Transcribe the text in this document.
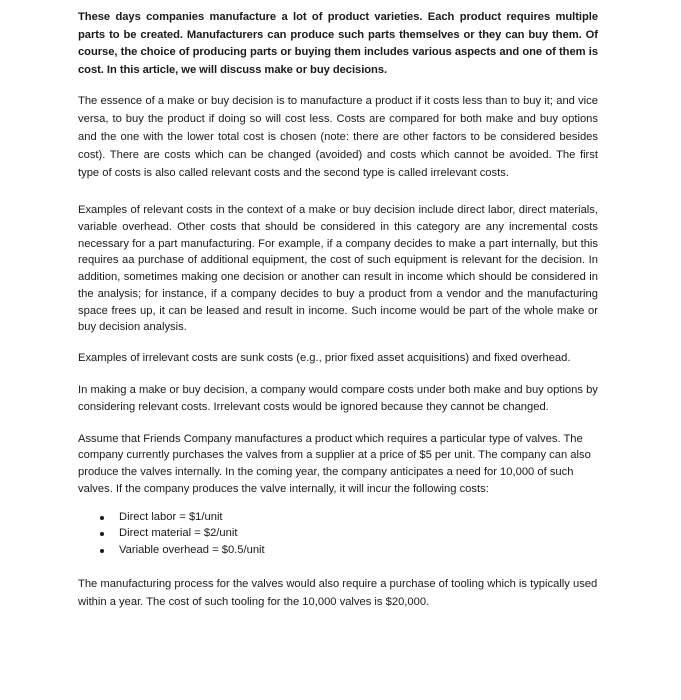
These days companies manufacture a lot of product varieties. Each product requires multiple parts to be created. Manufacturers can produce such parts themselves or they can buy them. Of course, the choice of producing parts or buying them includes various aspects and one of them is cost. In this article, we will discuss make or buy decisions.

The essence of a make or buy decision is to manufacture a product if it costs less than to buy it; and vice versa, to buy the product if doing so will cost less. Costs are compared for both make and buy options and the one with the lower total cost is chosen (note: there are other factors to be considered besides cost). There are costs which can be changed (avoided) and costs which cannot be avoided. The first type of costs is also called relevant costs and the second type is called irrelevant costs.

Examples of relevant costs in the context of a make or buy decision include direct labor, direct materials, variable overhead. Other costs that should be considered in this category are any incremental costs necessary for a part manufacturing. For example, if a company decides to make a part internally, but this requires aa purchase of additional equipment, the cost of such equipment is relevant for the decision. In addition, sometimes making one decision or another can result in income which should be considered in the analysis; for instance, if a company decides to buy a product from a vendor and the manufacturing space frees up, it can be leased and result in income. Such income would be part of the whole make or buy decision analysis.

Examples of irrelevant costs are sunk costs (e.g., prior fixed asset acquisitions) and fixed overhead.

In making a make or buy decision, a company would compare costs under both make and buy options by considering relevant costs. Irrelevant costs would be ignored because they cannot be changed.

Assume that Friends Company manufactures a product which requires a particular type of valves. The company currently purchases the valves from a supplier at a price of $5 per unit. The company can also produce the valves internally. In the coming year, the company anticipates a need for 10,000 of such valves. If the company produces the valve internally, it will incur the following costs:

Direct labor = $1/unit
Direct material = $2/unit
Variable overhead = $0.5/unit

The manufacturing process for the valves would also require a purchase of tooling which is typically used within a year. The cost of such tooling for the 10,000 valves is $20,000.
